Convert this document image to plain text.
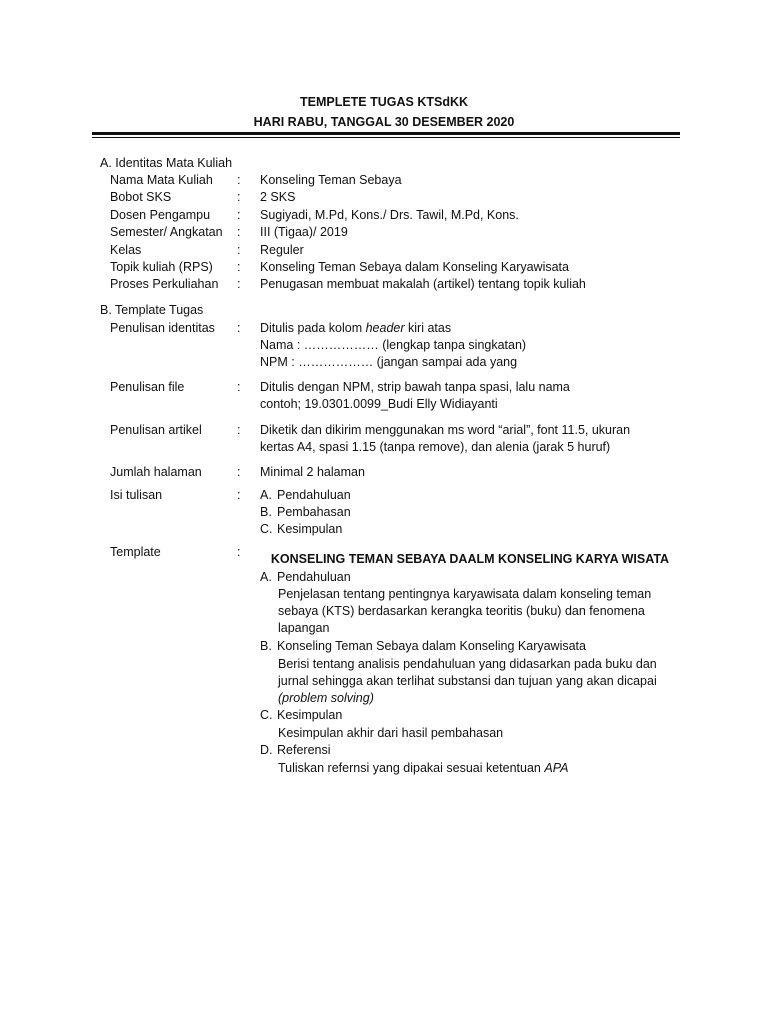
TEMPLETE TUGAS KTSdKK
HARI RABU, TANGGAL 30 DESEMBER 2020
A. Identitas Mata Kuliah
Nama Mata Kuliah : Konseling Teman Sebaya
Bobot SKS	: 2 SKS
Dosen Pengampu : Sugiyadi, M.Pd, Kons./ Drs. Tawil, M.Pd, Kons.
Semester/ Angkatan : III (Tigaa)/ 2019
Kelas	: Reguler
Topik kuliah (RPS) : Konseling Teman Sebaya dalam Konseling Karyawisata
Proses Perkuliahan : Penugasan membuat makalah (artikel) tentang topik kuliah
B. Template Tugas
Penulisan identitas : Ditulis pada kolom header kiri atas
Nama : ……………… (lengkap tanpa singkatan)
NPM : ……………… (jangan sampai ada yang
Penulisan file	: Ditulis dengan NPM, strip bawah tanpa spasi, lalu nama
contoh; 19.0301.0099_Budi Elly Widiayanti
Penulisan artikel	: Diketik dan dikirim menggunakan ms word “arial”, font 11.5, ukuran
kertas A4, spasi 1.15 (tanpa remove), dan alenia (jarak 5 huruf)
Jumlah halaman	: Minimal 2 halaman
Isi tulisan	: A. Pendahuluan
B. Pembahasan
C. Kesimpulan
Template	:	KONSELING TEMAN SEBAYA DAALM KONSELING KARYA WISATA
A. Pendahuluan
Penjelasan tentang pentingnya karyawisata dalam konseling teman
sebaya (KTS) berdasarkan kerangka teoritis (buku) dan fenomena
lapangan
B. Konseling Teman Sebaya dalam Konseling Karyawisata
Berisi tentang analisis pendahuluan yang didasarkan pada buku dan
jurnal sehingga akan terlihat substansi dan tujuan yang akan dicapai
(problem solving)
C. Kesimpulan
Kesimpulan akhir dari hasil pembahasan
D. Referensi
Tuliskan refernsi yang dipakai sesuai ketentuan APA
